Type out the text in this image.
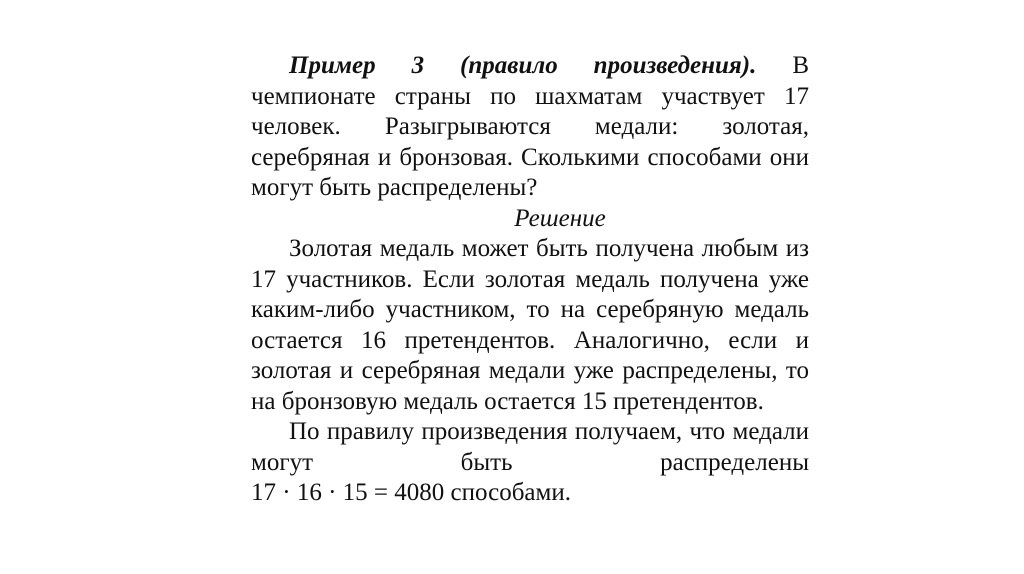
Пример 3 (правило произведения). В чемпионате страны по шахматам участвует 17 человек. Разыгрываются медали: золотая, серебряная и бронзовая. Сколькими способами они могут быть распределены?

Решение

Золотая медаль может быть получена любым из 17 участников. Если золотая медаль получена уже каким-либо участником, то на серебряную медаль остается 16 претендентов. Аналогично, если и золотая и серебряная медали уже распределены, то на бронзовую медаль остается 15 претендентов.

По правилу произведения получаем, что медали могут быть распределены

17 · 16 · 15 = 4080 способами.
